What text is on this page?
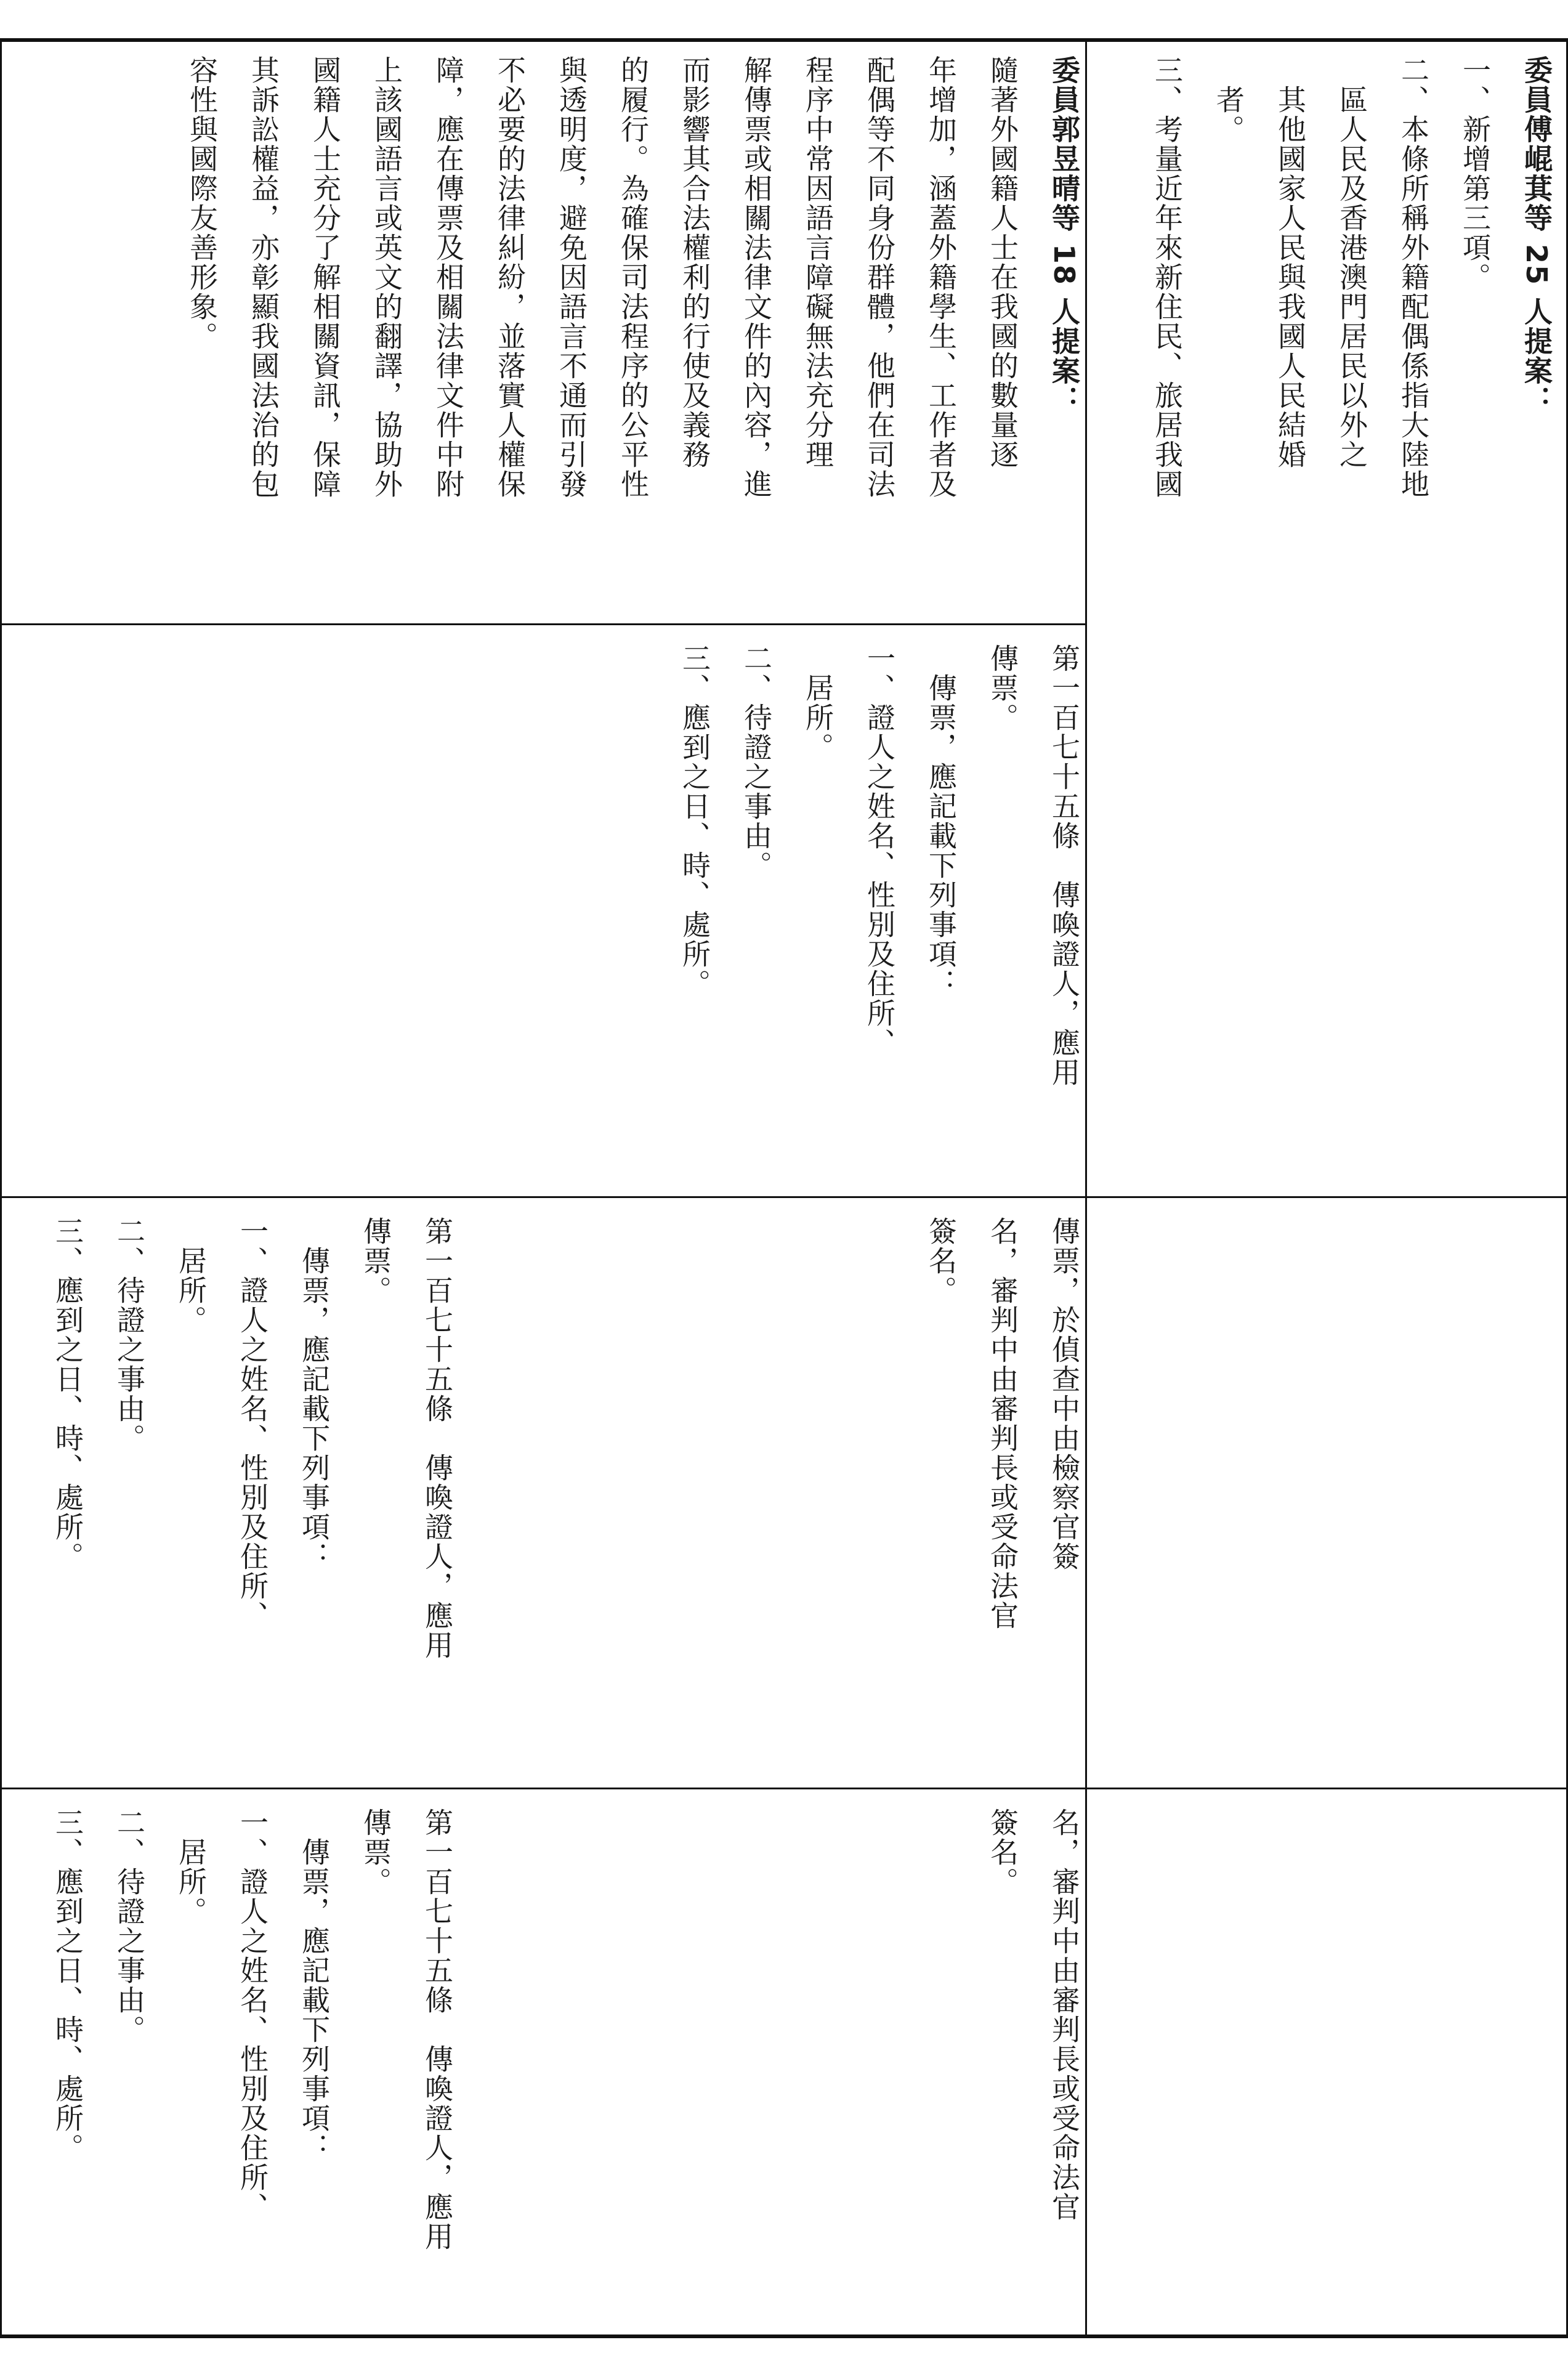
委員郭昱晴等 18 人提案：
隨著外國籍人士在我國的數量逐
年增加，涵蓋外籍學生、工作者及
配偶等不同身份群體，他們在司法
程序中常因語言障礙無法充分理
解傳票或相關法律文件的內容，進
而影響其合法權利的行使及義務
的履行。為確保司法程序的公平性
與透明度，避免因語言不通而引發
不必要的法律糾紛，並落實人權保
障，應在傳票及相關法律文件中附
上該國語言或英文的翻譯，協助外
國籍人士充分了解相關資訊，保障
其訴訟權益，亦彰顯我國法治的包
容性與國際友善形象。	委員傅崐萁等 25 人提案：
一、新增第三項。
二、本條所稱外籍配偶係指大陸地
　區人民及香港澳門居民以外之
　其他國家人民與我國人民結婚
　者。
三、考量近年來新住民、旅居我國
第一百七十五條　傳喚證人，應用
傳票。
　傳票，應記載下列事項：
一、證人之姓名、性別及住所、
　居所。
二、待證之事由。
三、應到之日、時、處所。
傳票，於偵查中由檢察官簽
名，審判中由審判長或受命法官
簽名。
第一百七十五條　傳喚證人，應用
傳票。
　傳票，應記載下列事項：
一、證人之姓名、性別及住所、
　居所。
二、待證之事由。
三、應到之日、時、處所。
名，審判中由審判長或受命法官
簽名。
第一百七十五條　傳喚證人，應用
傳票。
　傳票，應記載下列事項：
一、證人之姓名、性別及住所、
　居所。
二、待證之事由。
三、應到之日、時、處所。
